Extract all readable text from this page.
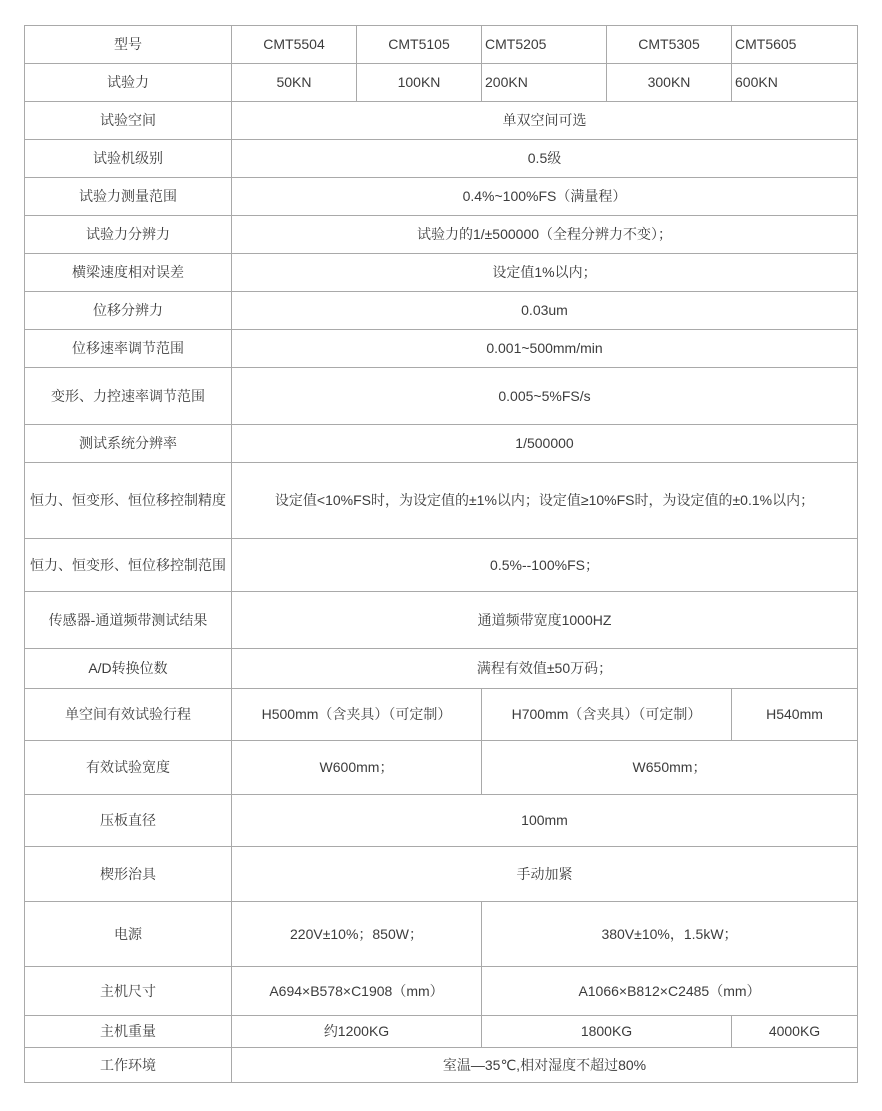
型号	CMT5504	CMT5105	CMT5205	CMT5305	CMT5605
试验力	50KN	100KN	200KN	300KN	600KN
试验空间	单双空间可选				
试验机级别	0.5级				
试验力测量范围	0.4%~100%FS（满量程）				
试验力分辨力	试验力的1/±500000（全程分辨力不变）；				
横梁速度相对误差	设定值1%以内；				
位移分辨力	0.03um				
位移速率调节范围	0.001~500mm/min				
变形、力控速率调节范围	0.005~5%FS/s				
测试系统分辨率	1/500000				
恒力、恒变形、恒位移控制精度	设定值<10%FS时，为设定值的±1%以内；设定值≥10%FS时，为设定值的±0.1%以内；				
恒力、恒变形、恒位移控制范围	0.5%--100%FS；				
传感器-通道频带测试结果	通道频带宽度1000HZ				
A/D转换位数	满程有效值±50万码；				
单空间有效试验行程	H500mm（含夹具）（可定制）		H700mm（含夹具）（可定制）		H540mm
有效试验宽度	W600mm；		W650mm；		
压板直径	100mm				
楔形治具	手动加紧				
电源	220V±10%；850W；		380V±10%，1.5kW；		
主机尺寸	A694×B578×C1908（mm）		A1066×B812×C2485（mm）		
主机重量	约1200KG		1800KG		4000KG
工作环境	室温—35℃,相对湿度不超过80%				
